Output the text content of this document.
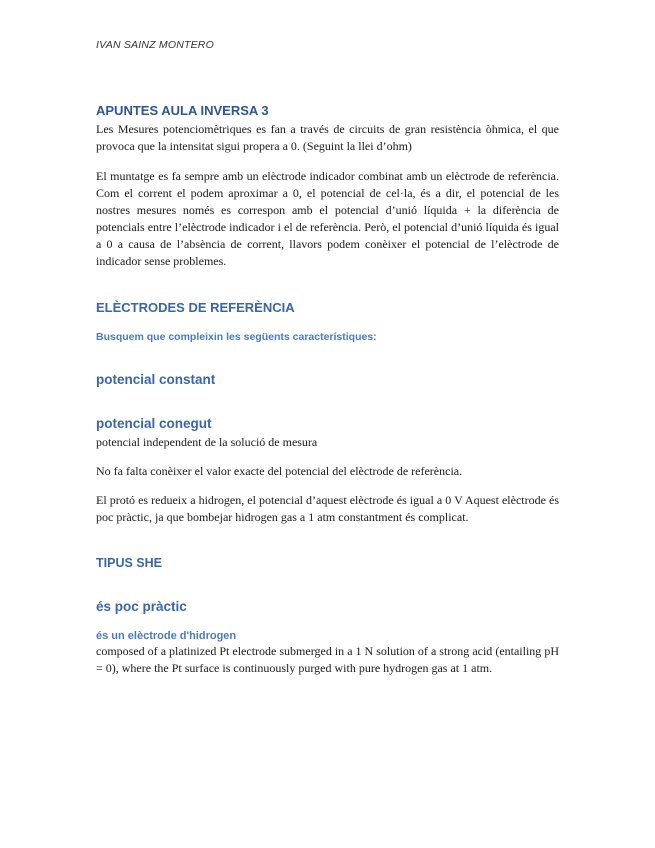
IVAN SAINZ MONTERO
APUNTES AULA INVERSA 3

Les Mesures potenciomètriques es fan a través de circuits de gran resistència òhmica, el que provoca que la intensitat sigui propera a 0. (Seguint la llei d’ohm)

El muntatge es fa sempre amb un elèctrode indicador combinat amb un elèctrode de referència. Com el corrent el podem aproximar a 0, el potencial de cel·la, és a dir, el potencial de les nostres mesures només es correspon amb el potencial d’unió líquida + la diferència de potencials entre l’elèctrode indicador i el de referència. Però, el potencial d’unió líquida és igual a 0 a causa de l’absència de corrent, llavors podem conèixer el potencial de l’elèctrode de indicador sense problemes.

ELÈCTRODES DE REFERÈNCIA
Busquem que compleixin les següents característiques:
potencial constant
potencial conegut

potencial independent de la solució de mesura

No fa falta conèixer el valor exacte del potencial del elèctrode de referència.

El protó es redueix a hidrogen, el potencial d’aquest elèctrode és igual a 0 V Aquest elèctrode és poc pràctic, ja que bombejar hidrogen gas a 1 atm constantment és complicat.

TIPUS SHE
és poc pràctic
és un elèctrode d'hidrogen

composed of a platinized Pt electrode submerged in a 1 N solution of a strong acid (entailing pH = 0), where the Pt surface is continuously purged with pure hydrogen gas at 1 atm.
